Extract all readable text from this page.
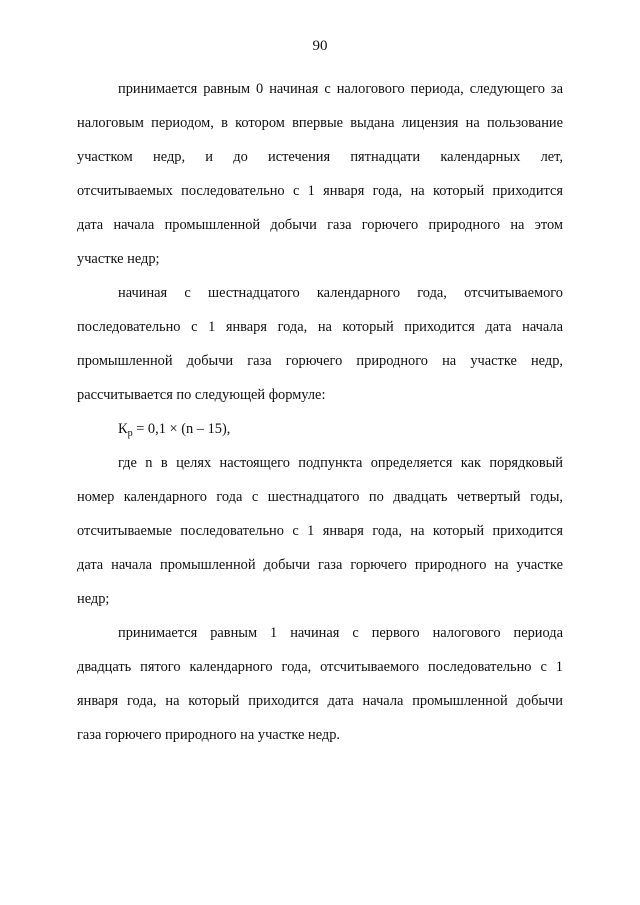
90
принимается равным 0 начиная с налогового периода, следующего за
налоговым периодом, в котором впервые выдана лицензия на пользование
участком недр, и до истечения пятнадцати календарных лет,
отсчитываемых последовательно с 1 января года, на который приходится
дата начала промышленной добычи газа горючего природного на этом
участке недр;
начиная с шестнадцатого календарного года, отсчитываемого
последовательно с 1 января года, на который приходится дата начала
промышленной добычи газа горючего природного на участке недр,
рассчитывается по следующей формуле:
$К_р = 0,1 \times (n - 15)$,
где n в целях настоящего подпункта определяется как порядковый
номер календарного года с шестнадцатого по двадцать четвертый годы,
отсчитываемые последовательно с 1 января года, на который приходится
дата начала промышленной добычи газа горючего природного на участке
недр;
принимается равным 1 начиная с первого налогового периода
двадцать пятого календарного года, отсчитываемого последовательно с 1
января года, на который приходится дата начала промышленной добычи
газа горючего природного на участке недр.
